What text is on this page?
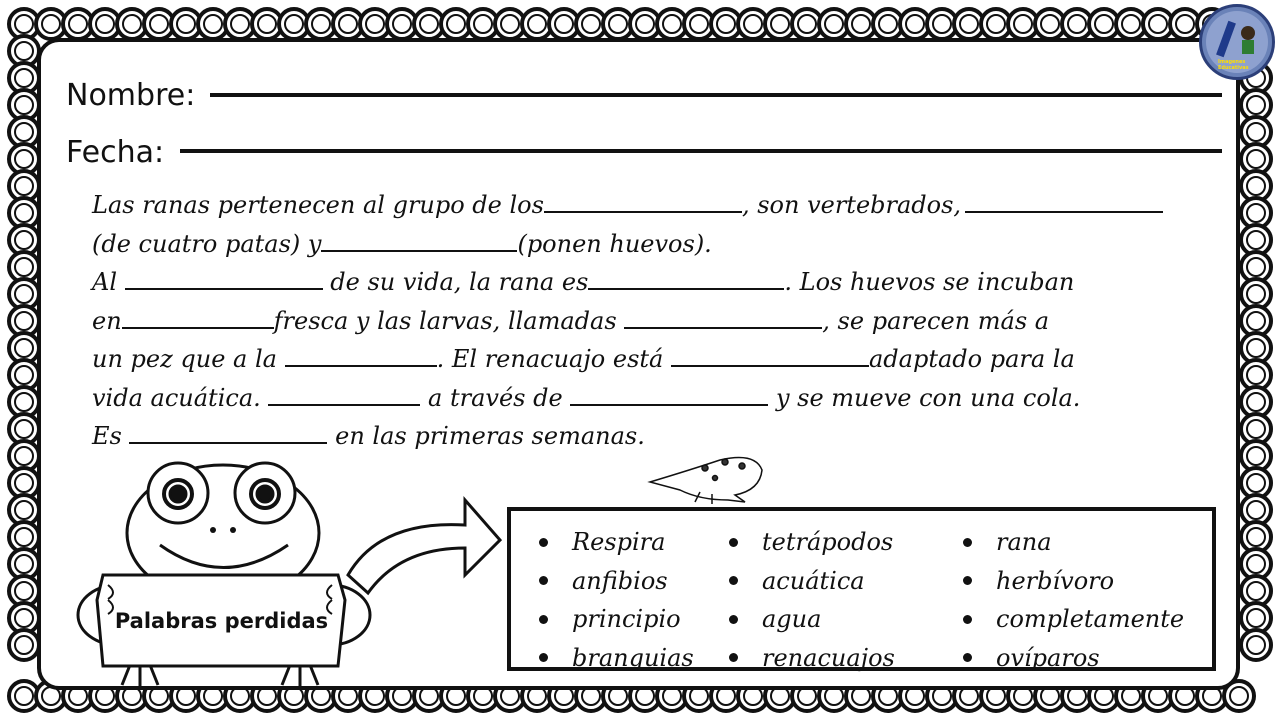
Imagenes Educativas
Nombre:
Fecha:

Las ranas pertenecen al grupo de los	, son vertebrados,

(de cuatro patas) y	(ponen huevos).

Al	de su vida, la rana es	. Los huevos se incuban

en	fresca y las larvas, llamadas	, se parecen más a

un pez que a la	. El renacuajo está	adaptado para la

vida acuática.	a través de	y se mueve con una cola.

Es	en las primeras semanas.

Palabras perdidas
Respira
anfibios
principio
branquias
tetrápodos
acuática
agua
renacuajos
rana
herbívoro
completamente
ovíparos
